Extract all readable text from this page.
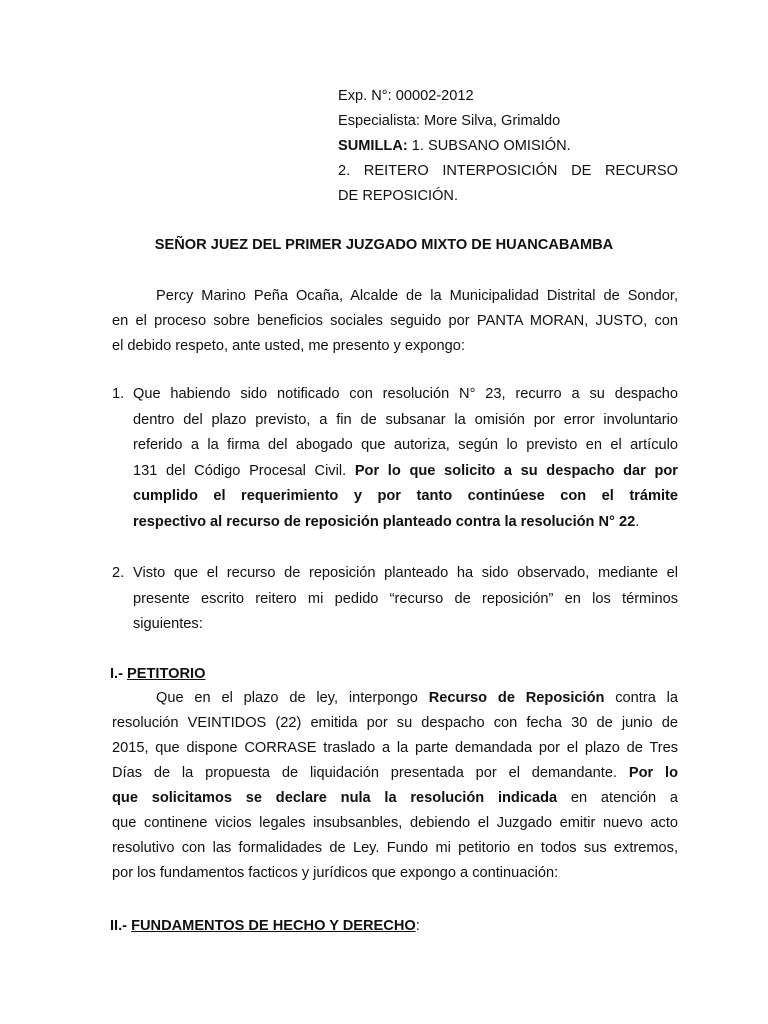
Exp. N°: 00002-2012
Especialista: More Silva, Grimaldo
SUMILLA: 1. SUBSANO OMISIÓN.
2. REITERO INTERPOSICIÓN DE RECURSO
DE REPOSICIÓN.
SEÑOR JUEZ DEL PRIMER JUZGADO MIXTO DE HUANCABAMBA
Percy Marino Peña Ocaña, Alcalde de la Municipalidad Distrital de Sondor,
en el proceso sobre beneficios sociales seguido por PANTA MORAN, JUSTO, con
el debido respeto, ante usted, me presento y expongo:
1. Que habiendo sido notificado con resolución N° 23, recurro a su despacho
dentro del plazo previsto, a fin de subsanar la omisión por error involuntario
referido a la firma del abogado que autoriza, según lo previsto en el artículo
131 del Código Procesal Civil. Por lo que solicito a su despacho dar por
cumplido el requerimiento y por tanto continúese con el trámite
respectivo al recurso de reposición planteado contra la resolución N° 22.
2. Visto que el recurso de reposición planteado ha sido observado, mediante el
presente escrito reitero mi pedido “recurso de reposición” en los términos
siguientes:
I.- PETITORIO
Que en el plazo de ley, interpongo Recurso de Reposición contra la
resolución VEINTIDOS (22) emitida por su despacho con fecha 30 de junio de
2015, que dispone CORRASE traslado a la parte demandada por el plazo de Tres
Días de la propuesta de liquidación presentada por el demandante. Por lo
que solicitamos se declare nula la resolución indicada en atención a
que continene vicios legales insubsanbles, debiendo el Juzgado emitir nuevo acto
resolutivo con las formalidades de Ley. Fundo mi petitorio en todos sus extremos,
por los fundamentos facticos y jurídicos que expongo a continuación:
II.- FUNDAMENTOS DE HECHO Y DERECHO:
